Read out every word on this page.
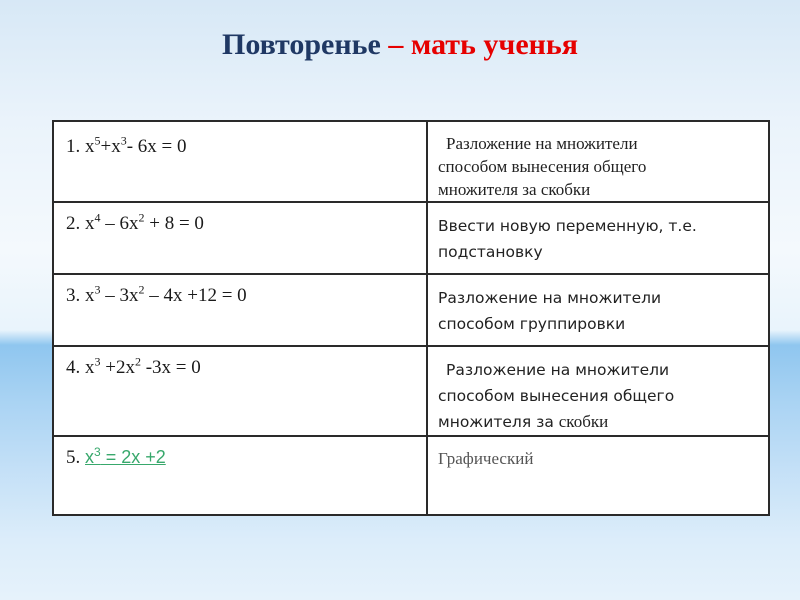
Повторенье – мать ученья
1. $x^5+x^3-$ 6x = 0	Разложение на множители
способом вынесения общего
множителя за скобки

2. $x^4 - 6x^2 + 8 = 0$	Ввести новую переменную, т.е.
подстановку

3. $x^3 - 3x^2 - 4x +12 = 0$	Разложение на множители
способом группировки

4. $x^3 +2x^2$ -3x = 0	Разложение на множители
способом вынесения общего
множителя за скобки

5. $x^3 = 2x +2$	Графический
